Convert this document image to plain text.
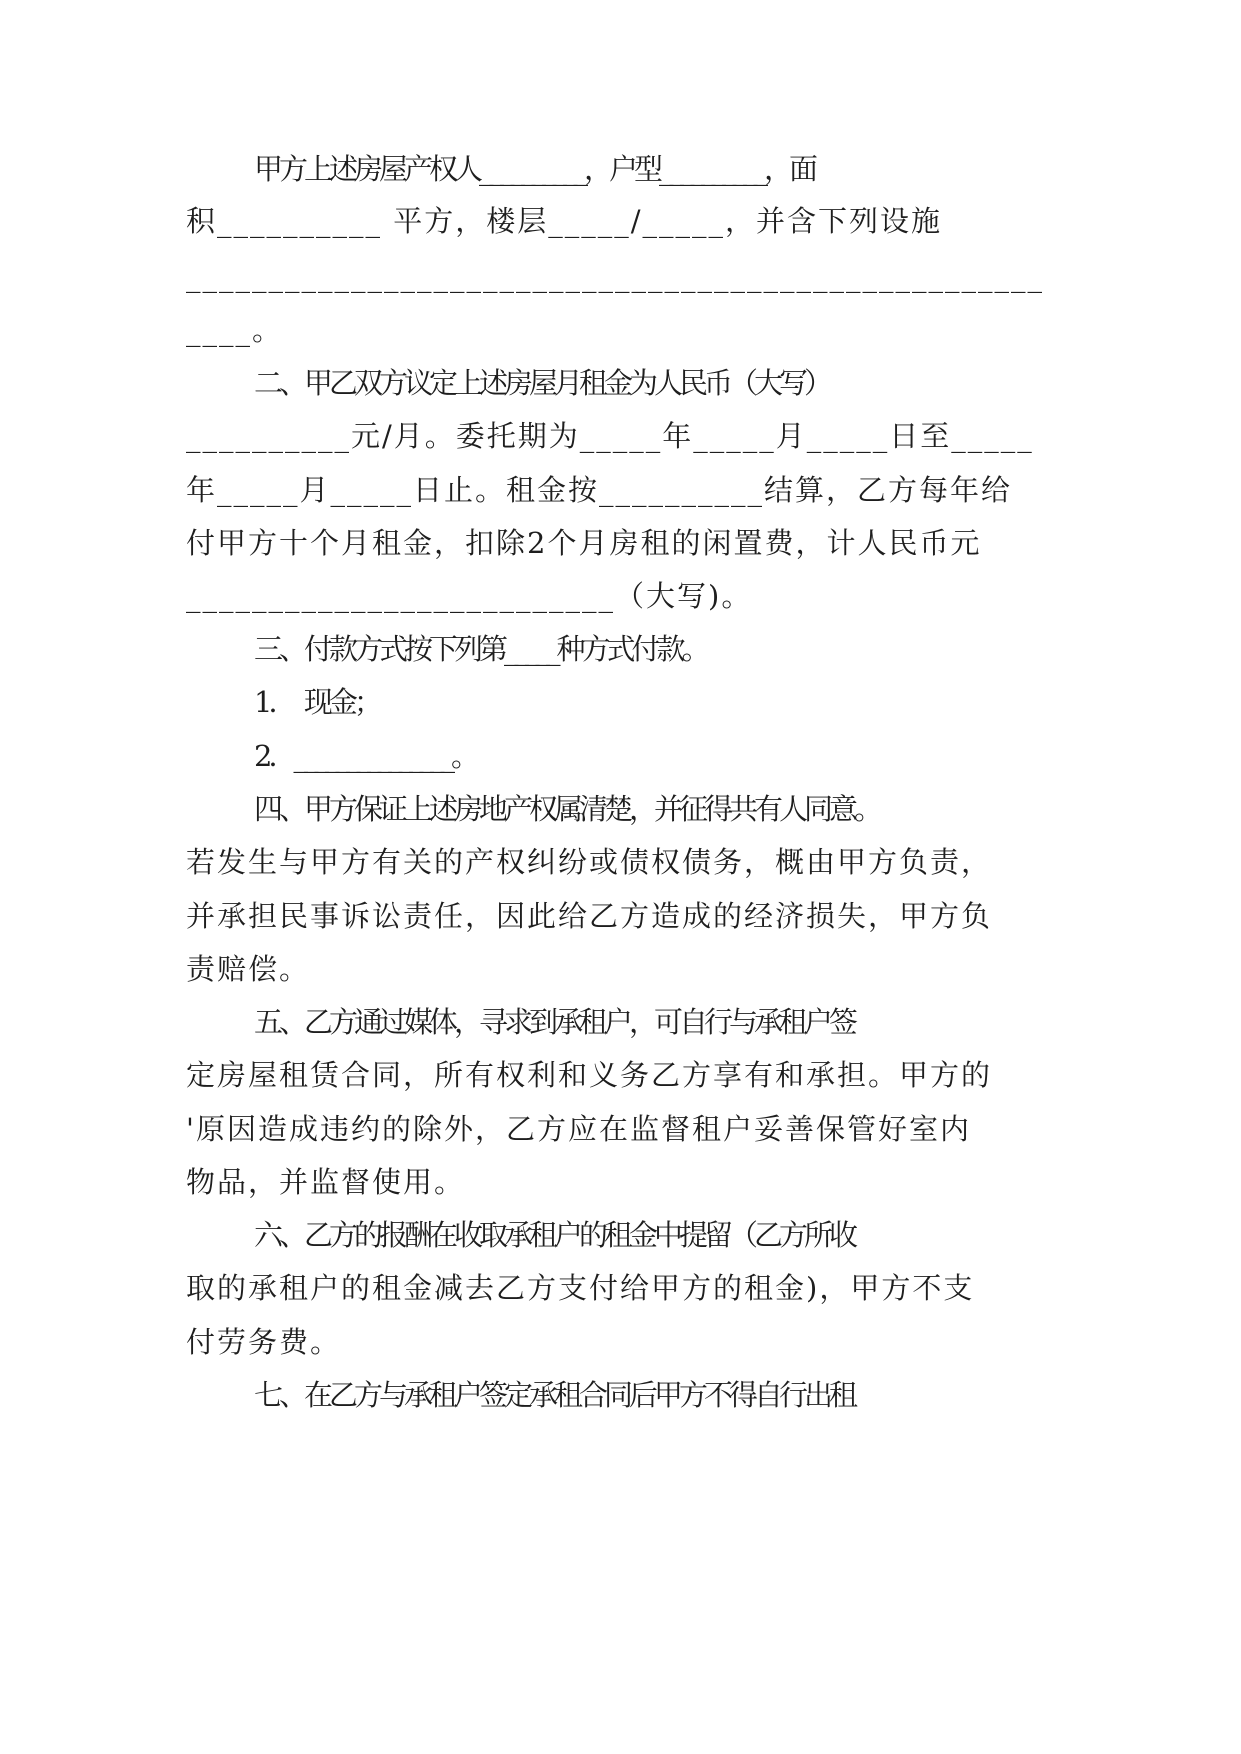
甲方上述房屋产权人__________，户型__________，面
积__________ 平方，楼层_____/_____，并含下列设施
____________________________________________________
____。
二、甲乙双方议定上述房屋月租金为人民币（大写）
__________元/月。委托期为_____年_____月_____日至_____
年_____月_____日止。租金按__________结算，乙方每年给
付甲方十个月租金，扣除2个月房租的闲置费，计人民币元
__________________________（大写)。
三、付款方式按下列第_____种方式付款。
1．  现金；
2．_______________。
四、甲方保证上述房地产权属清楚，并征得共有人同意。
若发生与甲方有关的产权纠纷或债权债务，概由甲方负责，
并承担民事诉讼责任，因此给乙方造成的经济损失，甲方负
责赔偿。
五、乙方通过媒体，寻求到承租户，可自行与承租户签
定房屋租赁合同，所有权利和义务乙方享有和承担。甲方的
'原因造成违约的除外，乙方应在监督租户妥善保管好室内
物品，并监督使用。
六、乙方的报酬在收取承租户的租金中提留（乙方所收
取的承租户的租金减去乙方支付给甲方的租金)，甲方不支
付劳务费。
七、在乙方与承租户签定承租合同后甲方不得自行出租
